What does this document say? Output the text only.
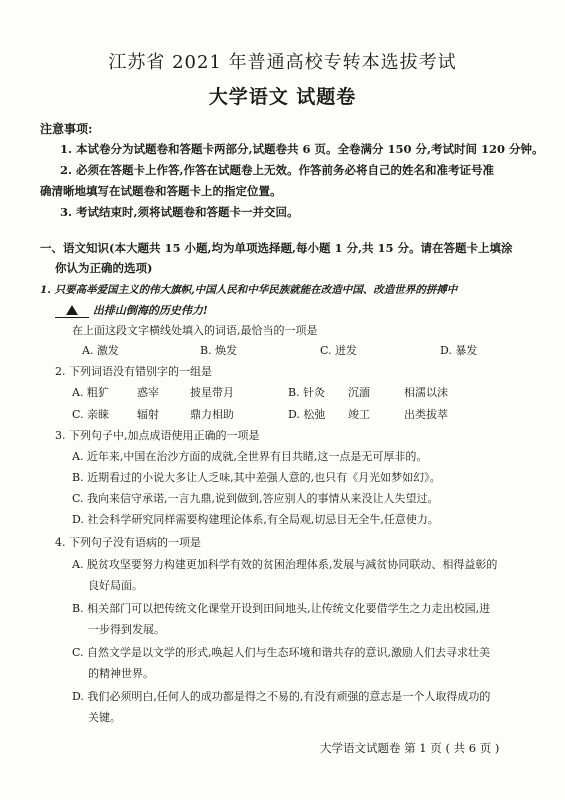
江苏省 2021 年普通高校专转本选拔考试
大学语文 试题卷
注意事项:
1. 本试卷分为试题卷和答题卡两部分,试题卷共 6 页。全卷满分 150 分,考试时间 120 分钟。
2. 必须在答题卡上作答,作答在试题卷上无效。作答前务必将自己的姓名和准考证号准
确清晰地填写在试题卷和答题卡上的指定位置。
3. 考试结束时,须将试题卷和答题卡一并交回。
一、语文知识(本大题共 15 小题,均为单项选择题,每小题 1 分,共 15 分。请在答题卡上填涂
你认为正确的选项)
1. 只要高举爱国主义的伟大旗帜,中国人民和中华民族就能在改造中国、改造世界的拼搏中
出排山倒海的历史伟力!
在上面这段文字横线处填入的词语,最恰当的一项是
A. 激发	B. 焕发	C. 迸发	D. 暴发
2. 下列词语没有错别字的一组是
A. 粗犷	惑宰	披星带月	B. 针灸 沉湎	相濡以沫
C. 亲睐	辐射	鼎力相助	D. 松弛 竣工	出类拔萃
3. 下列句子中,加点成语使用正确的一项是
A. 近年来,中国在治沙方面的成就,全世界有目共睹,这一点是无可厚非的。
B. 近期看过的小说大多让人乏味,其中差强人意的,也只有《月光如梦如幻》。
C. 我向来信守承诺,一言九鼎,说到做到,答应别人的事情从来没让人失望过。
D. 社会科学研究同样需要构建理论体系,有全局观,切忌目无全牛,任意使力。
4. 下列句子没有语病的一项是
A. 脱贫攻坚要努力构建更加科学有效的贫困治理体系,发展与减贫协同联动、相得益彰的
良好局面。
B. 相关部门可以把传统文化课堂开设到田间地头,让传统文化要借学生之力走出校园,进
一步得到发展。
C. 自然文学是以文学的形式,唤起人们与生态环境和谐共存的意识,激励人们去寻求壮美
的精神世界。
D. 我们必须明白,任何人的成功都是得之不易的,有没有顽强的意志是一个人取得成功的
关键。
大学语文试题卷 第 1 页 ( 共 6 页 )
